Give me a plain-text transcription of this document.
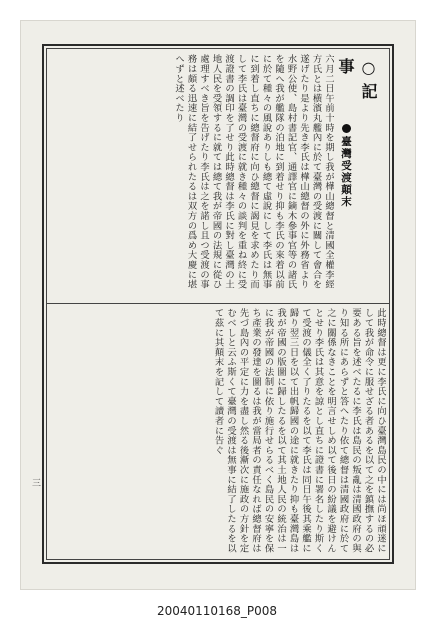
○記　事
臺灣受渡顛末
六月二日午前十時を期し我が樺山總督と清國全權李經方氏とは横濱丸艦內に於て臺灣の受渡に關して會合を遂げたり是より先き李氏は樺山總督の外に外務省より水野公使、島村書記官、通譯官に鏑木參事官等の諸氏を隨へ我が艦隊の泊地に到着せり抑も李氏の來着以前に於て種々の風說ありしも總て虛說にして李氏は無事に到着し直ちに總督府に向ひ總督に謁見を求めたり而して李氏は臺灣の受渡に就き種々の談判を重ね終に受渡證書の調印を了せり此時總督は李氏に對し臺灣の土地人民を受領するに就ては總て我が帝國の法規に從ひ處理すべき旨を告げたり李氏は之を諾し且つ受渡の事務は頗る迅速に結了せられたるは双方の爲め大慶に堪へずと述べたり
此時總督は更に李氏に向ひ臺灣島民の中には尚ほ頑迷にして我が命令に服せざる者あるを以て之を鎮撫するの必要ある旨を述べたるに李氏は島民の叛亂は清國政府の與り知る所にあらずと答へたり依て總督は清國政府に於て之に關係なきことを明言せしめ以て後日の紛議を避けんとせり李氏は其意を諒とし直ちに證書に署名したり斯くて受渡の儀全く了りたるを以て李氏は同日午後其乘艦に歸り翌三日を以て出帆歸國の途に就きたり抑も臺灣島は我が帝國の版圖に歸したるを以て其土地人民の統治は一に我が帝國の法制に依り施行せらるべく島民の安寧を保ち產業の發達を圖るは我が當局者の責任なれば總督府は先づ島內の平定に力を盡し然る後漸次に施政の方針を定むべしと云ふ斯くて臺灣の受渡は無事に結了したるを以て茲に其顛末を記して讀者に告ぐ
三
20040110168_P008
